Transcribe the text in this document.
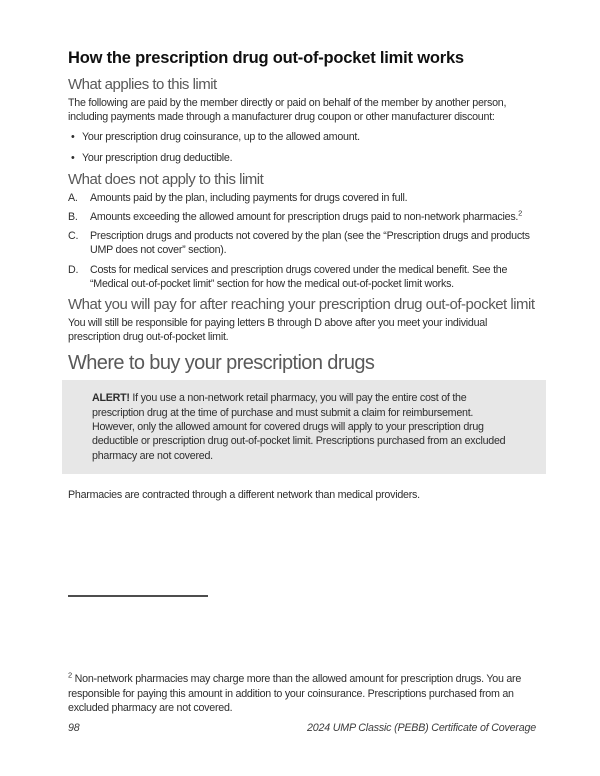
How the prescription drug out-of-pocket limit works
What applies to this limit
The following are paid by the member directly or paid on behalf of the member by another person, including payments made through a manufacturer drug coupon or other manufacturer discount:
• Your prescription drug coinsurance, up to the allowed amount.
• Your prescription drug deductible.
What does not apply to this limit
A.	Amounts paid by the plan, including payments for drugs covered in full.
B.	Amounts exceeding the allowed amount for prescription drugs paid to non-network pharmacies.$^2$
C.	Prescription drugs and products not covered by the plan (see the “Prescription drugs and products UMP does not cover” section).
D.	Costs for medical services and prescription drugs covered under the medical benefit. See the “Medical out-of-pocket limit” section for how the medical out-of-pocket limit works.
What you will pay for after reaching your prescription drug out-of-pocket limit
You will still be responsible for paying letters B through D above after you meet your individual prescription drug out-of-pocket limit.
Where to buy your prescription drugs
ALERT! If you use a non-network retail pharmacy, you will pay the entire cost of the prescription drug at the time of purchase and must submit a claim for reimbursement. However, only the allowed amount for covered drugs will apply to your prescription drug deductible or prescription drug out-of-pocket limit. Prescriptions purchased from an excluded pharmacy are not covered.
Pharmacies are contracted through a different network than medical providers.
$^2$ Non-network pharmacies may charge more than the allowed amount for prescription drugs. You are responsible for paying this amount in addition to your coinsurance. Prescriptions purchased from an excluded pharmacy are not covered.
98	2024 UMP Classic (PEBB) Certificate of Coverage
